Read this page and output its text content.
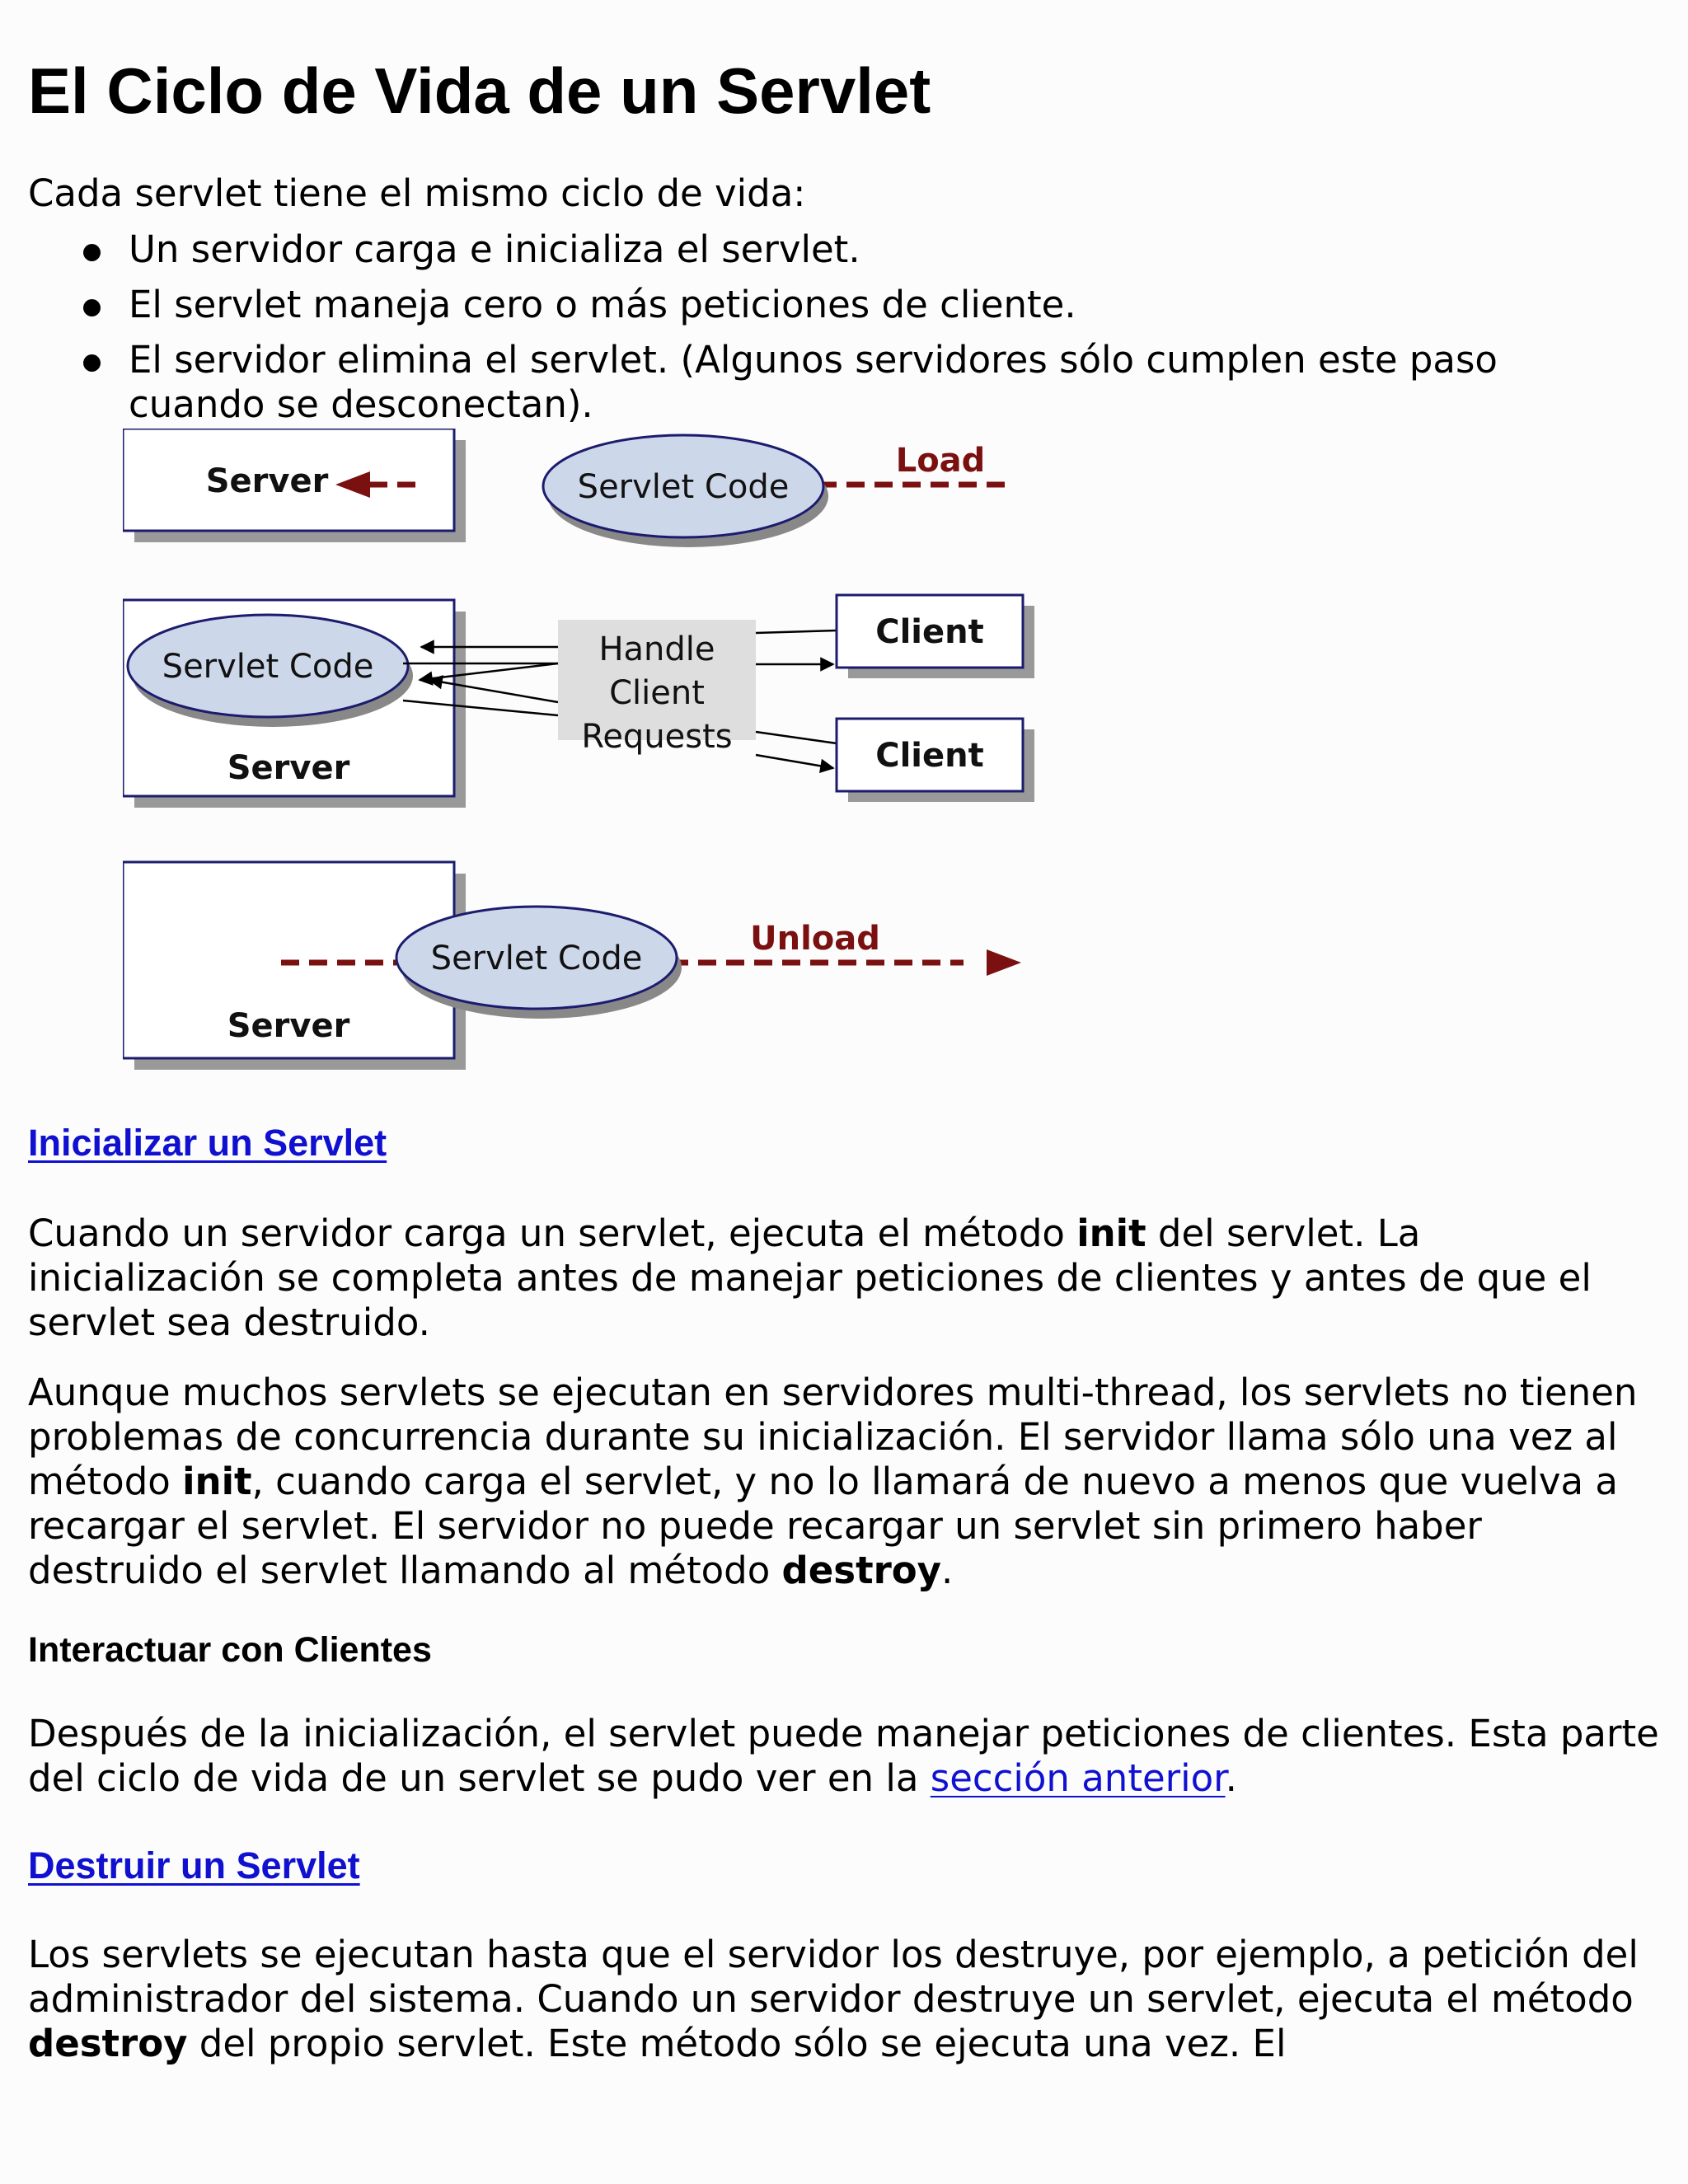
El Ciclo de Vida de un Servlet

Cada servlet tiene el mismo ciclo de vida:

Un servidor carga e inicializa el servlet.
El servlet maneja cero o más peticiones de cliente.
El servidor elimina el servlet. (Algunos servidores sólo cumplen este paso cuando se desconectan).
Server	Servlet Code
Load
Servlet Code
Server
Handle
Client
Requests
Client
Client
Server
Servlet Code
Unload
Inicializar un Servlet

Cuando un servidor carga un servlet, ejecuta el método init del servlet. La inicialización se completa antes de manejar peticiones de clientes y antes de que el servlet sea destruido.

Aunque muchos servlets se ejecutan en servidores multi-thread, los servlets no tienen problemas de concurrencia durante su inicialización. El servidor llama sólo una vez al método init, cuando carga el servlet, y no lo llamará de nuevo a menos que vuelva a recargar el servlet. El servidor no puede recargar un servlet sin primero haber destruido el servlet llamando al método destroy.

Interactuar con Clientes

Después de la inicialización, el servlet puede manejar peticiones de clientes. Esta parte del ciclo de vida de un servlet se pudo ver en la sección anterior.

Destruir un Servlet

Los servlets se ejecutan hasta que el servidor los destruye, por ejemplo, a petición del administrador del sistema. Cuando un servidor destruye un servlet, ejecuta el método destroy del propio servlet. Este método sólo se ejecuta una vez. El
